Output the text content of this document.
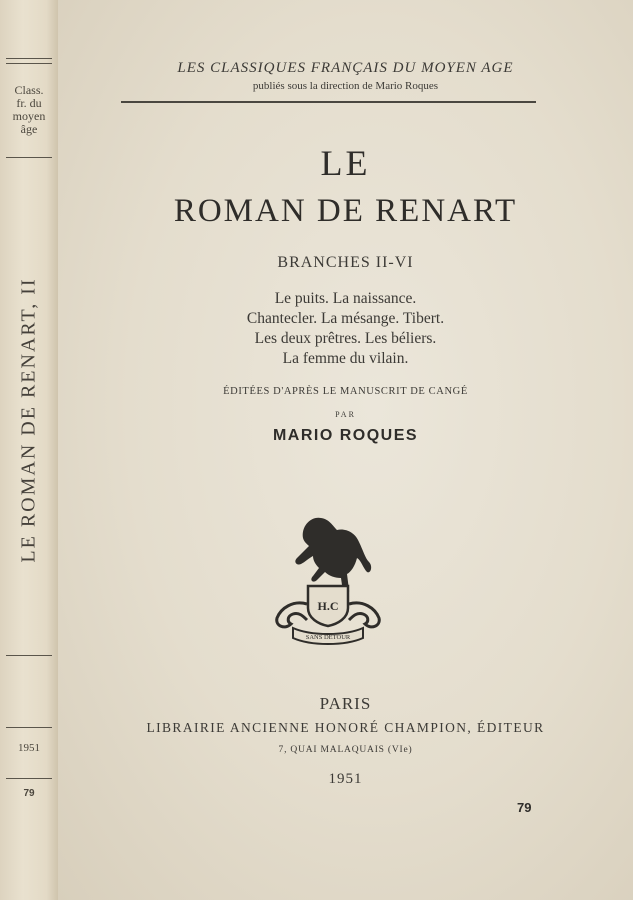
Class.
fr. du
moyen
âge
LE ROMAN DE RENART, II
1951
79
LES CLASSIQUES FRANÇAIS DU MOYEN AGE
publiés sous la direction de Mario Roques
LE
ROMAN DE RENART
BRANCHES II-VI
Le puits. La naissance.
Chantecler. La mésange. Tibert.
Les deux prêtres. Les béliers.
La femme du vilain.
ÉDITÉES D'APRÈS LE MANUSCRIT DE CANGÉ
PAR
MARIO ROQUES
H.C
SANS DETOUR
PARIS
LIBRAIRIE ANCIENNE HONORÉ CHAMPION, ÉDITEUR
7, QUAI MALAQUAIS (VIe)
1951
79
